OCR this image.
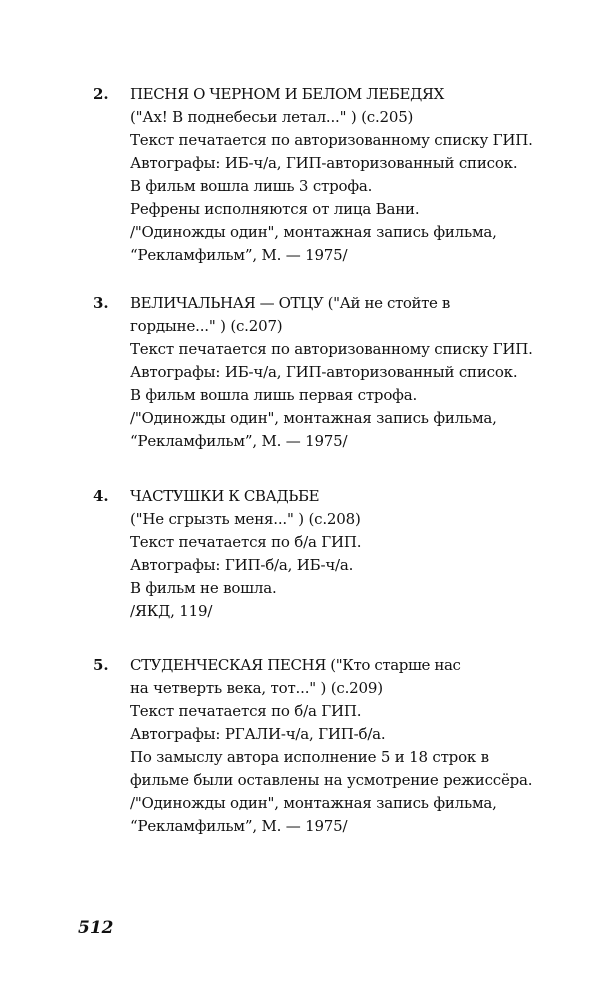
2. ПЕСНЯ О ЧЕРНОМ И БЕЛОМ ЛЕБЕДЯХ
("Ах! В поднебесьи летал..." ) (с.205)
Текст печатается по авторизованному списку ГИП.
Автографы: ИБ-ч/а, ГИП-авторизованный список.
В фильм вошла лишь 3 строфа.
Рефрены исполняются от лица Вани.
/"Одиножды один", монтажная запись фильма,
“Рекламфильм”, М. — 1975/
3. ВЕЛИЧАЛЬНАЯ — ОТЦУ ("Ай не стойте в
гордыне..." ) (с.207)
Текст печатается по авторизованному списку ГИП.
Автографы: ИБ-ч/а, ГИП-авторизованный список.
В фильм вошла лишь первая строфа.
/"Одиножды один", монтажная запись фильма,
“Рекламфильм”, М. — 1975/
4. ЧАСТУШКИ К СВАДЬБЕ
("Не сгрызть меня..." ) (с.208)
Текст печатается по б/а ГИП.
Автографы: ГИП-б/а, ИБ-ч/а.
В фильм не вошла.
/ЯКД, 119/
5. СТУДЕНЧЕСКАЯ ПЕСНЯ ("Кто старше нас
на четверть века, тот..." ) (с.209)
Текст печатается по б/а ГИП.
Автографы: РГАЛИ-ч/а, ГИП-б/а.
По замыслу автора исполнение 5 и 18 строк в
фильме были оставлены на усмотрение режиссёра.
/"Одиножды один", монтажная запись фильма,
“Рекламфильм”, М. — 1975/
512
